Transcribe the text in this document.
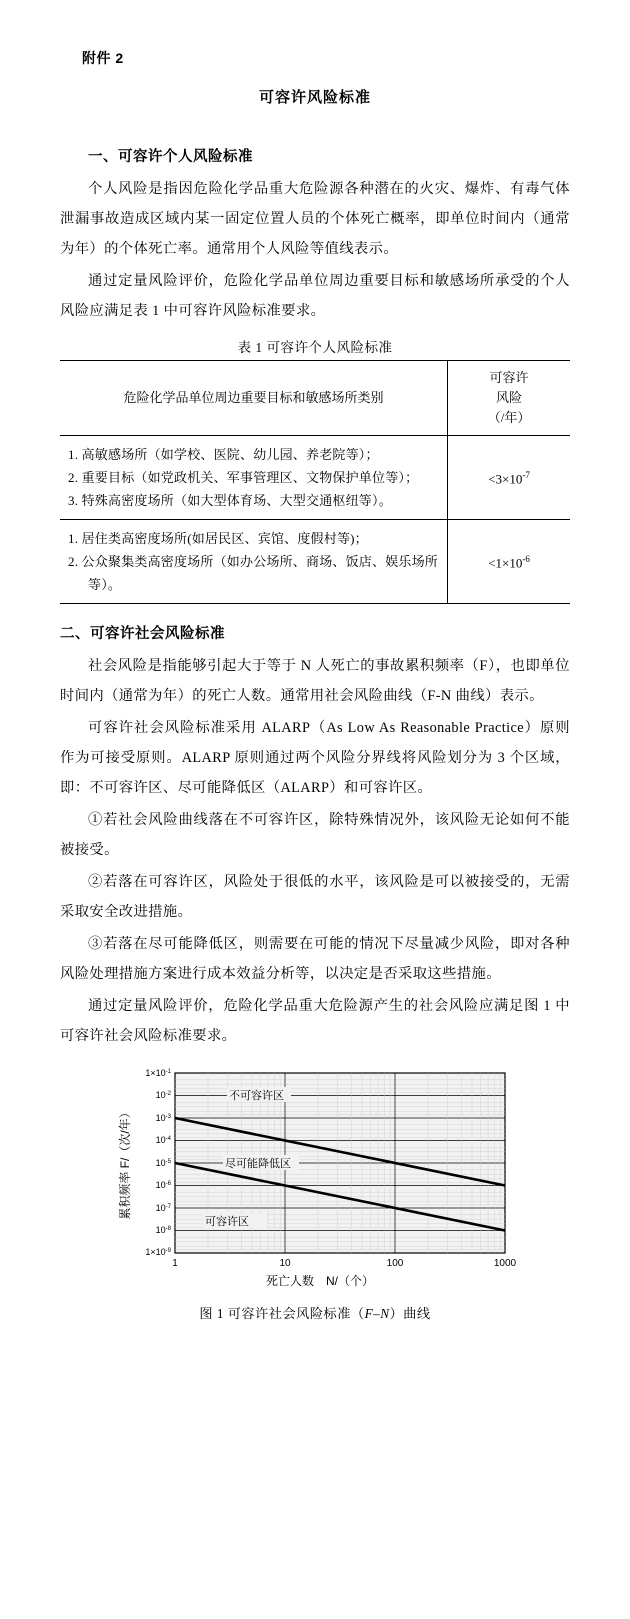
附件 2
可容许风险标准
一、可容许个人风险标准

个人风险是指因危险化学品重大危险源各种潜在的火灾、爆炸、有毒气体泄漏事故造成区域内某一固定位置人员的个体死亡概率，即单位时间内（通常为年）的个体死亡率。通常用个人风险等值线表示。

通过定量风险评价，危险化学品单位周边重要目标和敏感场所承受的个人风险应满足表 1 中可容许风险标准要求。

表 1 可容许个人风险标准
危险化学品单位周边重要目标和敏感场所类别	可容许
风险
（/年）

高敏感场所（如学校、医院、幼儿园、养老院等）；
重要目标（如党政机关、军事管理区、文物保护单位等）；
特殊高密度场所（如大型体育场、大型交通枢纽等）。
	$<3\times 10^{-7}$

居住类高密度场所(如居民区、宾馆、度假村等)；
公众聚集类高密度场所（如办公场所、商场、饭店、娱乐场所等）。
	$<1\times 10^{-6}$
二、可容许社会风险标准

社会风险是指能够引起大于等于 N 人死亡的事故累积频率（F），也即单位时间内（通常为年）的死亡人数。通常用社会风险曲线（F-N 曲线）表示。

可容许社会风险标准采用 ALARP（As Low As Reasonable Practice）原则作为可接受原则。ALARP 原则通过两个风险分界线将风险划分为 3 个区域，即：不可容许区、尽可能降低区（ALARP）和可容许区。

①若社会风险曲线落在不可容许区，除特殊情况外，该风险无论如何不能被接受。

②若落在可容许区，风险处于很低的水平，该风险是可以被接受的，无需采取安全改进措施。

③若落在尽可能降低区，则需要在可能的情况下尽量减少风险，即对各种风险处理措施方案进行成本效益分析等，以决定是否采取这些措施。

通过定量风险评价，危险化学品重大危险源产生的社会风险应满足图 1 中可容许社会风险标准要求。

不可容许区
尽可能降低区
可容许区
$1\times 10^{-1}$
$10^{-2}$
$10^{-3}$
$10^{-4}$
$10^{-5}$
$10^{-6}$
$10^{-7}$
$10^{-8}$
$1\times 10^{-9}$
1	10	100	1000
死亡人数　N/（个）
累积频率 F/（次/年）
图 1 可容许社会风险标准（F–N）曲线
